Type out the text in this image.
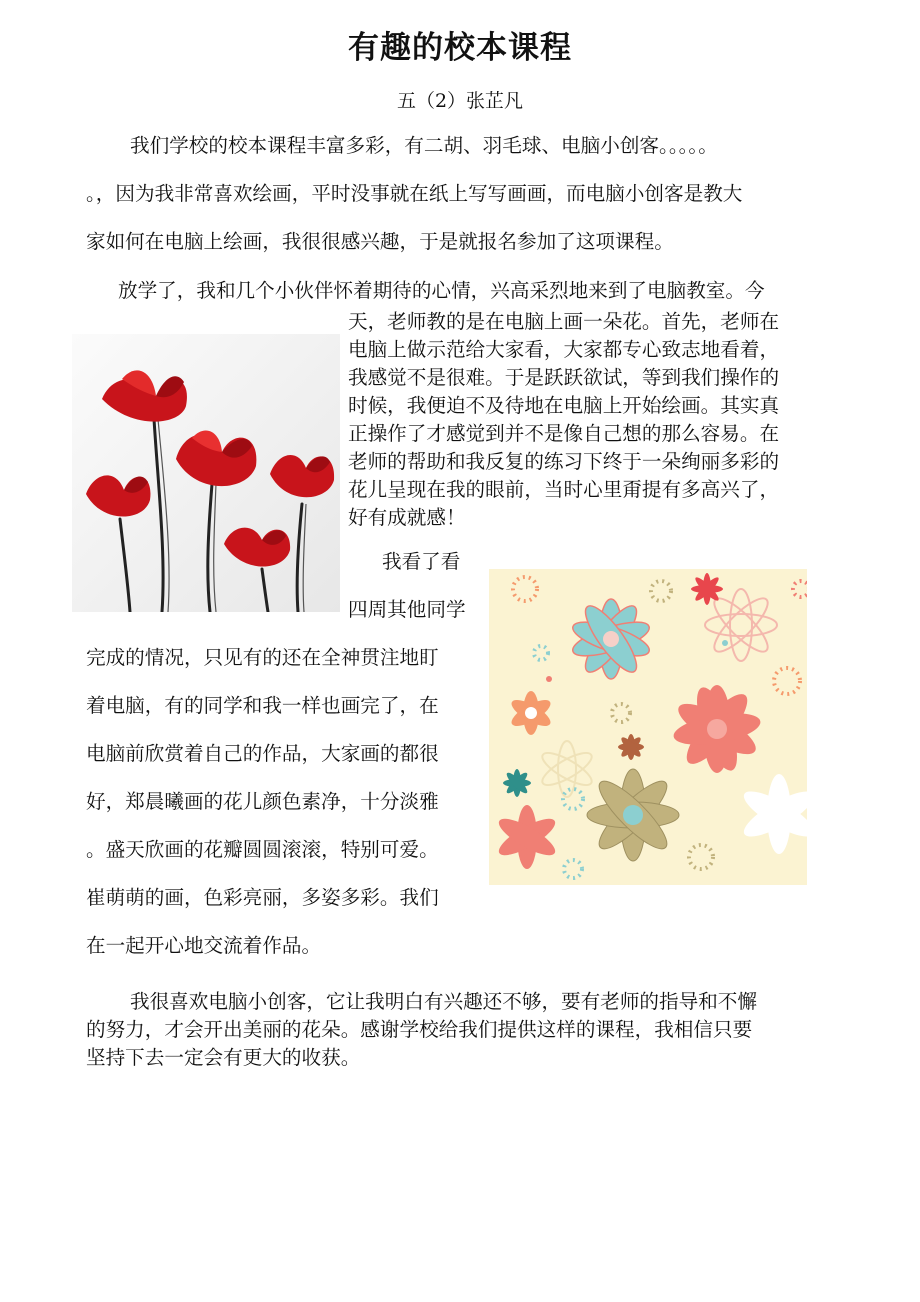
有趣的校本课程
五（2）张芷凡
我们学校的校本课程丰富多彩，有二胡、羽毛球、电脑小创客。。。。。
。，因为我非常喜欢绘画，平时没事就在纸上写写画画，而电脑小创客是教大
家如何在电脑上绘画，我很很感兴趣，于是就报名参加了这项课程。
放学了，我和几个小伙伴怀着期待的心情，兴高采烈地来到了电脑教室。今
天，老师教的是在电脑上画一朵花。首先，老师在
电脑上做示范给大家看，大家都专心致志地看着，
我感觉不是很难。于是跃跃欲试，等到我们操作的
时候，我便迫不及待地在电脑上开始绘画。其实真
正操作了才感觉到并不是像自己想的那么容易。在
老师的帮助和我反复的练习下终于一朵绚丽多彩的
花儿呈现在我的眼前，当时心里甭提有多高兴了，
好有成就感！
我看了看
四周其他同学
完成的情况，只见有的还在全神贯注地盯
着电脑，有的同学和我一样也画完了，在
电脑前欣赏着自己的作品，大家画的都很
好，郑晨曦画的花儿颜色素净，十分淡雅
。盛天欣画的花瓣圆圆滚滚，特别可爱。
崔萌萌的画，色彩亮丽，多姿多彩。我们
在一起开心地交流着作品。
我很喜欢电脑小创客，它让我明白有兴趣还不够，要有老师的指导和不懈
的努力，才会开出美丽的花朵。感谢学校给我们提供这样的课程，我相信只要
坚持下去一定会有更大的收获。
